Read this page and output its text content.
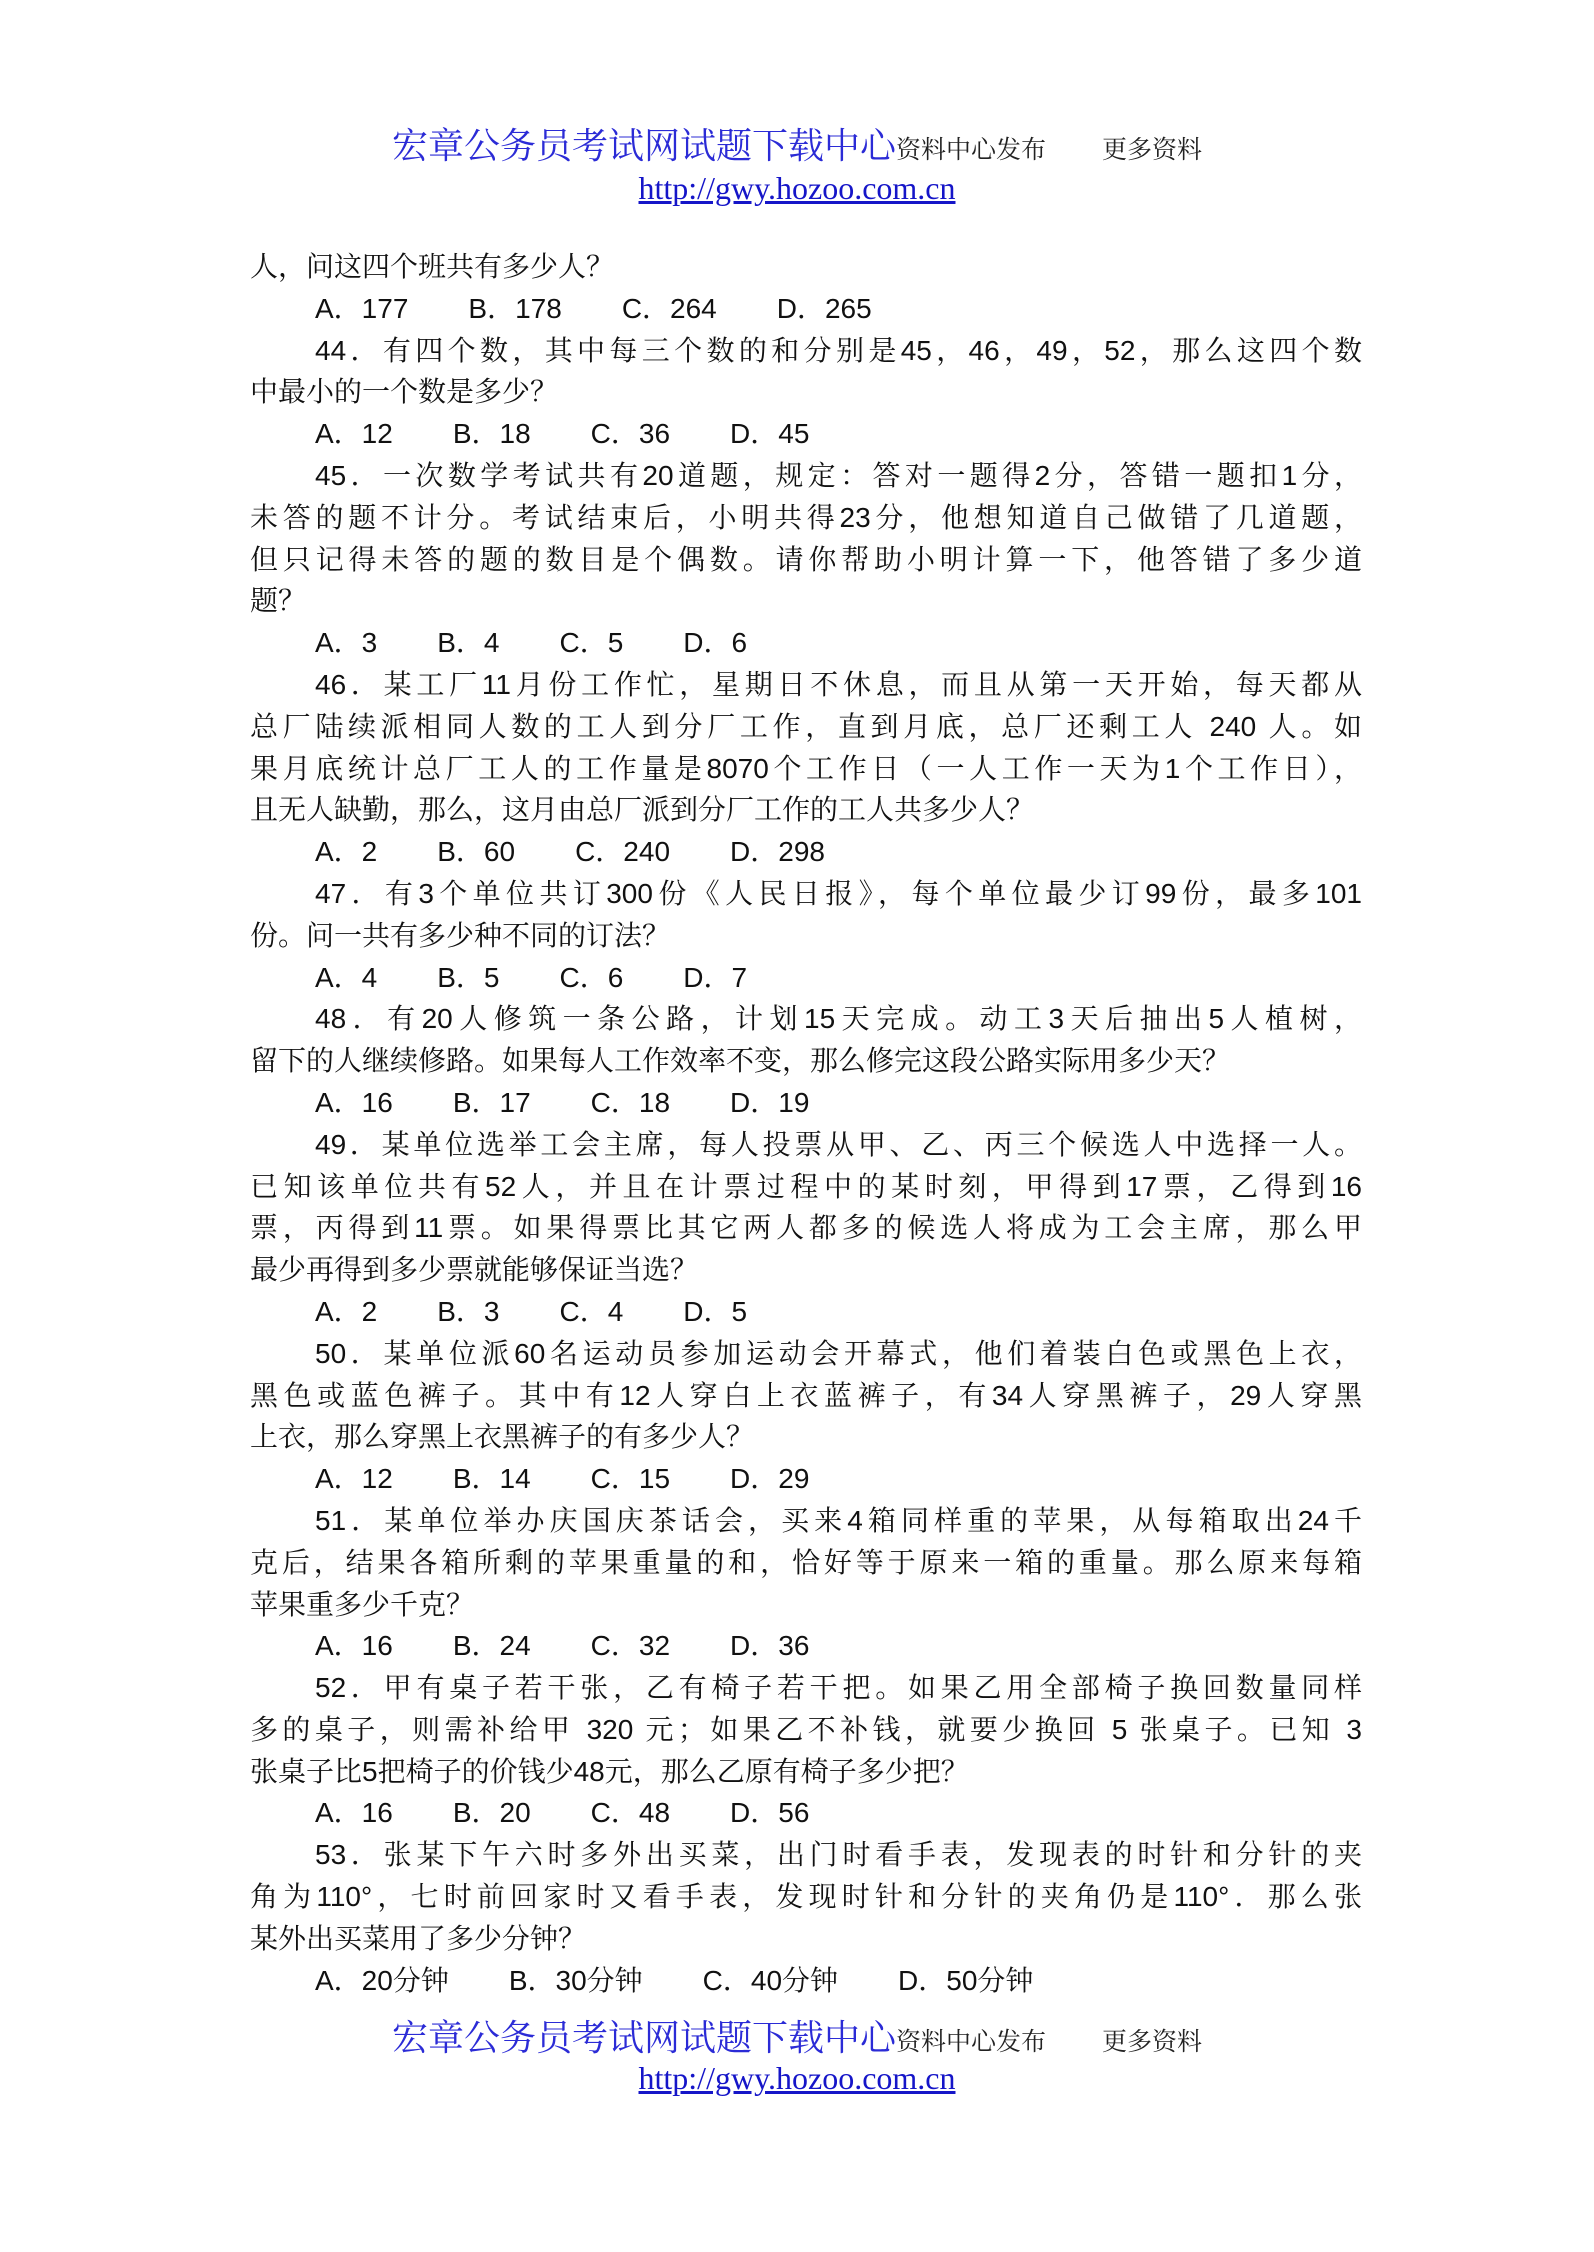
宏章公务员考试网试题下载中心资料中心发布 更多资料
http://gwy.hozoo.com.cn
人，问这四个班共有多少人？
A．177 B．178 C．264 D．265
44．有四个数，其中每三个数的和分别是45，46，49，52，那么这四个数
中最小的一个数是多少？
A．12 B．18 C．36 D．45
45．一次数学考试共有20道题，规定：答对一题得2分，答错一题扣1分，
未答的题不计分。考试结束后，小明共得23分，他想知道自己做错了几道题，
但只记得未答的题的数目是个偶数。请你帮助小明计算一下，他答错了多少道
题？
A．3 B．4 C．5 D．6
46．某工厂11月份工作忙，星期日不休息，而且从第一天开始，每天都从
总厂陆续派相同人数的工人到分厂工作，直到月底，总厂还剩工人 240 人。如
果月底统计总厂工人的工作量是8070个工作日（一人工作一天为1个工作日），
且无人缺勤，那么，这月由总厂派到分厂工作的工人共多少人？
A．2 B．60 C．240 D．298
47．有3个单位共订300份《人民日报》，每个单位最少订99份，最多101
份。问一共有多少种不同的订法？
A．4 B．5 C．6 D．7
48．有20人修筑一条公路，计划15天完成。动工3天后抽出5人植树，
留下的人继续修路。如果每人工作效率不变，那么修完这段公路实际用多少天？
A．16 B．17 C．18 D．19
49．某单位选举工会主席，每人投票从甲、乙、丙三个候选人中选择一人。
已知该单位共有52人，并且在计票过程中的某时刻，甲得到17票，乙得到16
票，丙得到11票。如果得票比其它两人都多的候选人将成为工会主席，那么甲
最少再得到多少票就能够保证当选？
A．2 B．3 C．4 D．5
50．某单位派60名运动员参加运动会开幕式，他们着装白色或黑色上衣，
黑色或蓝色裤子。其中有12人穿白上衣蓝裤子，有34人穿黑裤子，29人穿黑
上衣，那么穿黑上衣黑裤子的有多少人？
A．12 B．14 C．15 D．29
51．某单位举办庆国庆茶话会，买来4箱同样重的苹果，从每箱取出24千
克后，结果各箱所剩的苹果重量的和，恰好等于原来一箱的重量。那么原来每箱
苹果重多少千克？
A．16 B．24 C．32 D．36
52．甲有桌子若干张，乙有椅子若干把。如果乙用全部椅子换回数量同样
多的桌子，则需补给甲 320 元；如果乙不补钱，就要少换回 5 张桌子。已知 3
张桌子比5把椅子的价钱少48元，那么乙原有椅子多少把？
A．16 B．20 C．48 D．56
53．张某下午六时多外出买菜，出门时看手表，发现表的时针和分针的夹
角为110°，七时前回家时又看手表，发现时针和分针的夹角仍是110°．那么张
某外出买菜用了多少分钟？
A．20分钟 B．30分钟 C．40分钟 D．50分钟
宏章公务员考试网试题下载中心资料中心发布 更多资料
http://gwy.hozoo.com.cn
